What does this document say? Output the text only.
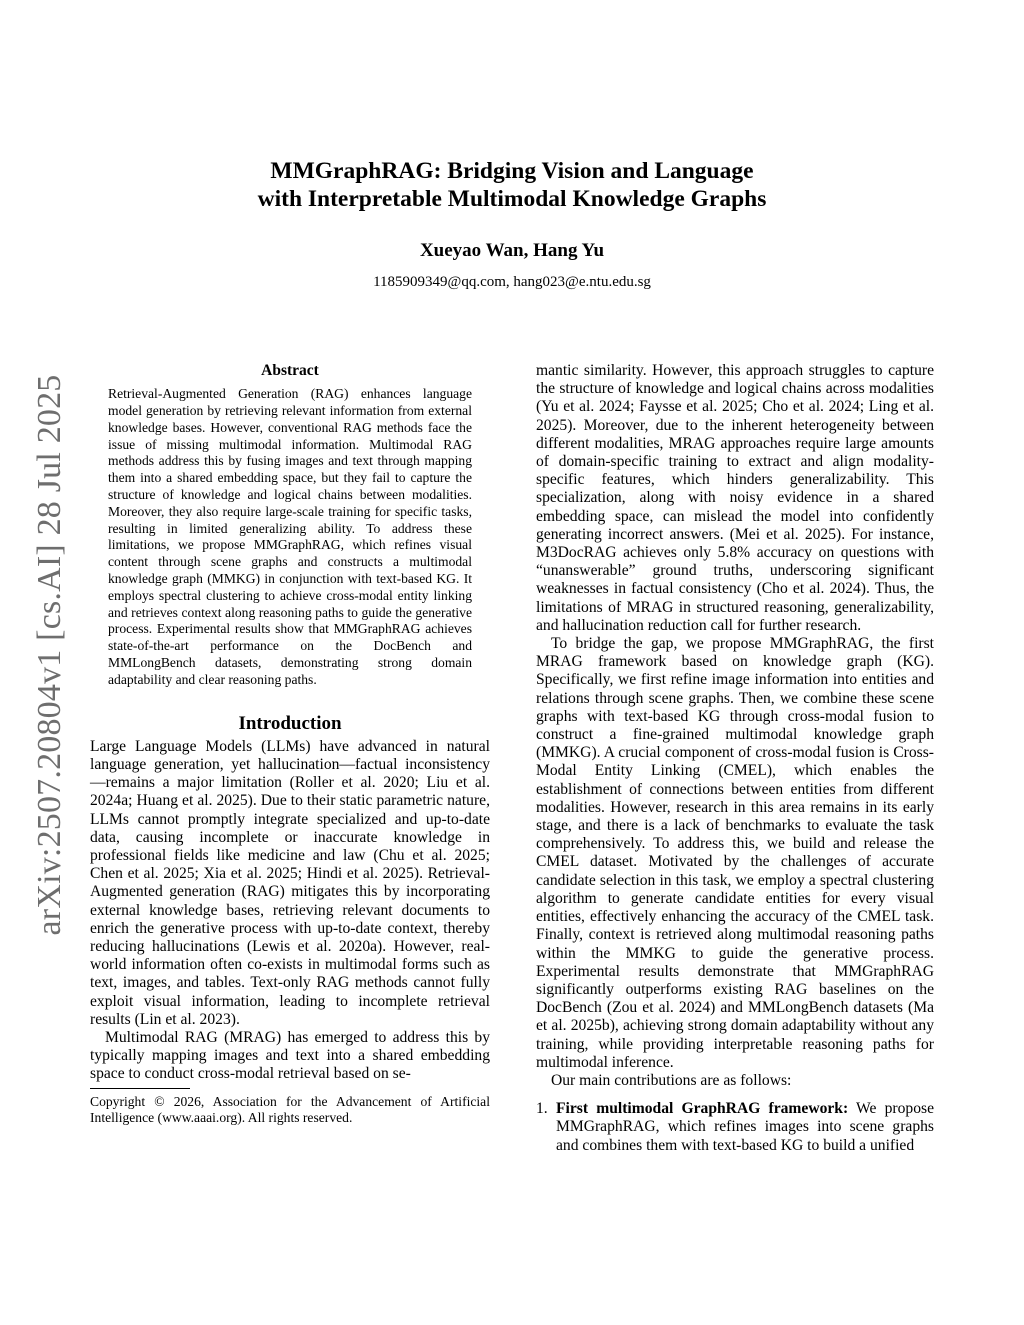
arXiv:2507.20804v1 [cs.AI] 28 Jul 2025
MMGraphRAG: Bridging Vision and Language
with Interpretable Multimodal Knowledge Graphs
Xueyao Wan, Hang Yu
1185909349@qq.com, hang023@e.ntu.edu.sg
Abstract

Retrieval-Augmented Generation (RAG) enhances language model generation by retrieving relevant information from external knowledge bases. However, conventional RAG methods face the issue of missing multimodal information. Multimodal RAG methods address this by fusing images and text through mapping them into a shared embedding space, but they fail to capture the structure of knowledge and logical chains between modalities. Moreover, they also require large-scale training for specific tasks, resulting in limited generalizing ability. To address these limitations, we propose MMGraphRAG, which refines visual content through scene graphs and constructs a multimodal knowledge graph (MMKG) in conjunction with text-based KG. It employs spectral clustering to achieve cross-modal entity linking and retrieves context along reasoning paths to guide the generative process. Experimental results show that MMGraphRAG achieves state-of-the-art performance on the DocBench and MMLongBench datasets, demonstrating strong domain adaptability and clear reasoning paths.

Introduction

Large Language Models (LLMs) have advanced in natural language generation, yet hallucination—factual inconsistency—remains a major limitation (Roller et al. 2020; Liu et al. 2024a; Huang et al. 2025). Due to their static parametric nature, LLMs cannot promptly integrate specialized and up-to-date data, causing incomplete or inaccurate knowledge in professional fields like medicine and law (Chu et al. 2025; Chen et al. 2025; Xia et al. 2025; Hindi et al. 2025). Retrieval-Augmented generation (RAG) mitigates this by incorporating external knowledge bases, retrieving relevant documents to enrich the generative process with up-to-date context, thereby reducing hallucinations (Lewis et al. 2020a). However, real-world information often co-exists in multimodal forms such as text, images, and tables. Text-only RAG methods cannot fully exploit visual information, leading to incomplete retrieval results (Lin et al. 2023).

Multimodal RAG (MRAG) has emerged to address this by typically mapping images and text into a shared embedding space to conduct cross-modal retrieval based on se-

Copyright © 2026, Association for the Advancement of Artificial Intelligence (www.aaai.org). All rights reserved.

mantic similarity. However, this approach struggles to capture the structure of knowledge and logical chains across modalities (Yu et al. 2024; Faysse et al. 2025; Cho et al. 2024; Ling et al. 2025). Moreover, due to the inherent heterogeneity between different modalities, MRAG approaches require large amounts of domain-specific training to extract and align modality-specific features, which hinders generalizability. This specialization, along with noisy evidence in a shared embedding space, can mislead the model into confidently generating incorrect answers. (Mei et al. 2025). For instance, M3DocRAG achieves only 5.8% accuracy on questions with “unanswerable” ground truths, underscoring significant weaknesses in factual consistency (Cho et al. 2024). Thus, the limitations of MRAG in structured reasoning, generalizability, and hallucination reduction call for further research.

To bridge the gap, we propose MMGraphRAG, the first MRAG framework based on knowledge graph (KG). Specifically, we first refine image information into entities and relations through scene graphs. Then, we combine these scene graphs with text-based KG through cross-modal fusion to construct a fine-grained multimodal knowledge graph (MMKG). A crucial component of cross-modal fusion is Cross-Modal Entity Linking (CMEL), which enables the establishment of connections between entities from different modalities. However, research in this area remains in its early stage, and there is a lack of benchmarks to evaluate the task comprehensively. To address this, we build and release the CMEL dataset. Motivated by the challenges of accurate candidate selection in this task, we employ a spectral clustering algorithm to generate candidate entities for every visual entities, effectively enhancing the accuracy of the CMEL task. Finally, context is retrieved along multimodal reasoning paths within the MMKG to guide the generative process. Experimental results demonstrate that MMGraphRAG significantly outperforms existing RAG baselines on the DocBench (Zou et al. 2024) and MMLongBench datasets (Ma et al. 2025b), achieving strong domain adaptability without any training, while providing interpretable reasoning paths for multimodal inference.

Our main contributions are as follows:

1. First multimodal GraphRAG framework: We propose MMGraphRAG, which refines images into scene graphs and combines them with text-based KG to build a unified
